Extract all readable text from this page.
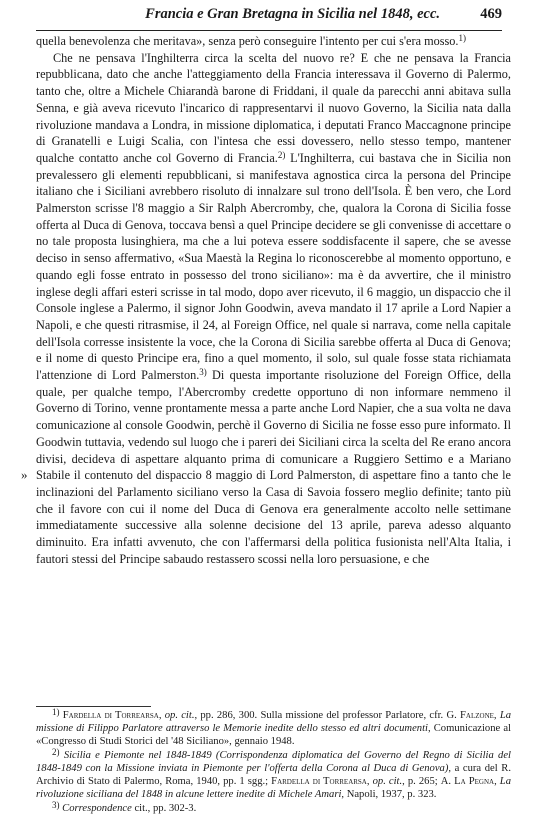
Francia e Gran Bretagna in Sicilia nel 1848, ecc.	469

quella benevolenza che meritava», senza però conseguire l'intento per cui s'era mosso.$^{1)}$

Che ne pensava l'Inghilterra circa la scelta del nuovo re? E che ne pensava la Francia repubblicana, dato che anche l'atteggiamento della Francia interessava il Governo di Palermo, tanto che, oltre a Michele Chiarandà barone di Friddani, il quale da parecchi anni abitava sulla Senna, e già aveva ricevuto l'incarico di rappresentarvi il nuovo Governo, la Sicilia nata dalla rivoluzione mandava a Londra, in missione diplomatica, i deputati Franco Maccagnone principe di Granatelli e Luigi Scalia, con l'intesa che essi dovessero, nello stesso tempo, mantener qualche contatto anche col Governo di Francia.$^{2)}$ L'Inghilterra, cui bastava che in Sicilia non prevalessero gli elementi repubblicani, si manifestava agnostica circa la persona del Principe italiano che i Siciliani avrebbero risoluto di innalzare sul trono dell'Isola. È ben vero, che Lord Palmerston scrisse l'8 maggio a Sir Ralph Abercromby, che, qualora la Corona di Sicilia fosse offerta al Duca di Genova, toccava bensì a quel Principe decidere se gli convenisse di accettare o no tale proposta lusinghiera, ma che a lui poteva essere soddisfacente il sapere, che se avesse deciso in senso affermativo, «Sua Maestà la Regina lo riconoscerebbe al momento opportuno, e quando egli fosse entrato in possesso del trono siciliano»: ma è da avvertire, che il ministro inglese degli affari esteri scrisse in tal modo, dopo aver ricevuto, il 6 maggio, un dispaccio che il Console inglese a Palermo, il signor John Goodwin, aveva mandato il 17 aprile a Lord Napier a Napoli, e che questi ritrasmise, il 24, al Foreign Office, nel quale si narrava, come nella capitale dell'Isola corresse insistente la voce, che la Corona di Sicilia sarebbe offerta al Duca di Genova; e il nome di questo Principe era, fino a quel momento, il solo, sul quale fosse stata richiamata l'attenzione di Lord Palmerston.$^{3)}$ Di questa importante risoluzione del Foreign Office, della quale, per qualche tempo, l'Abercromby credette opportuno di non informare nemmeno il Governo di Torino, venne prontamente messa a parte anche Lord Napier, che a sua volta ne dava comunicazione al console Goodwin, perchè il Governo di Sicilia ne fosse esso pure informato. Il Goodwin tuttavia, vedendo sul luogo che i pareri dei Siciliani circa la scelta del Re erano ancora divisi, decideva di aspettare alquanto prima di comunicare a Ruggiero Settimo e a Mariano Stabile il contenuto del dispaccio 8 maggio di Lord Palmerston, di aspettare fino a tanto che le inclinazioni del Parlamento siciliano verso la Casa di Savoia fossero meglio definite; tanto più che il favore con cui il nome del Duca di Genova era generalmente accolto nelle settimane immediatamente successive alla solenne decisione del 13 aprile, pareva adesso alquanto diminuito. Era infatti avvenuto, che con l'affermarsi della politica fusionista nell'Alta Italia, i fautori stessi del Principe sabaudo restassero scossi nella loro persuasione, e che

»

$^{1)}$ Fardella di Torrearsa, op. cit., pp. 286, 300. Sulla missione del professor Parlatore, cfr. G. Falzone, La missione di Filippo Parlatore attraverso le Memorie inedite dello stesso ed altri documenti, Comunicazione al «Congresso di Studi Storici del '48 Siciliano», gennaio 1948.

$^{2)}$ Sicilia e Piemonte nel 1848-1849 (Corrispondenza diplomatica del Governo del Regno di Sicilia del 1848-1849 con la Missione inviata in Piemonte per l'offerta della Corona al Duca di Genova), a cura del R. Archivio di Stato di Palermo, Roma, 1940, pp. 1 sgg.; Fardella di Torrearsa, op. cit., p. 265; A. La Pegna, La rivoluzione siciliana del 1848 in alcune lettere inedite di Michele Amari, Napoli, 1937, p. 323.

$^{3)}$ Correspondence cit., pp. 302-3.
